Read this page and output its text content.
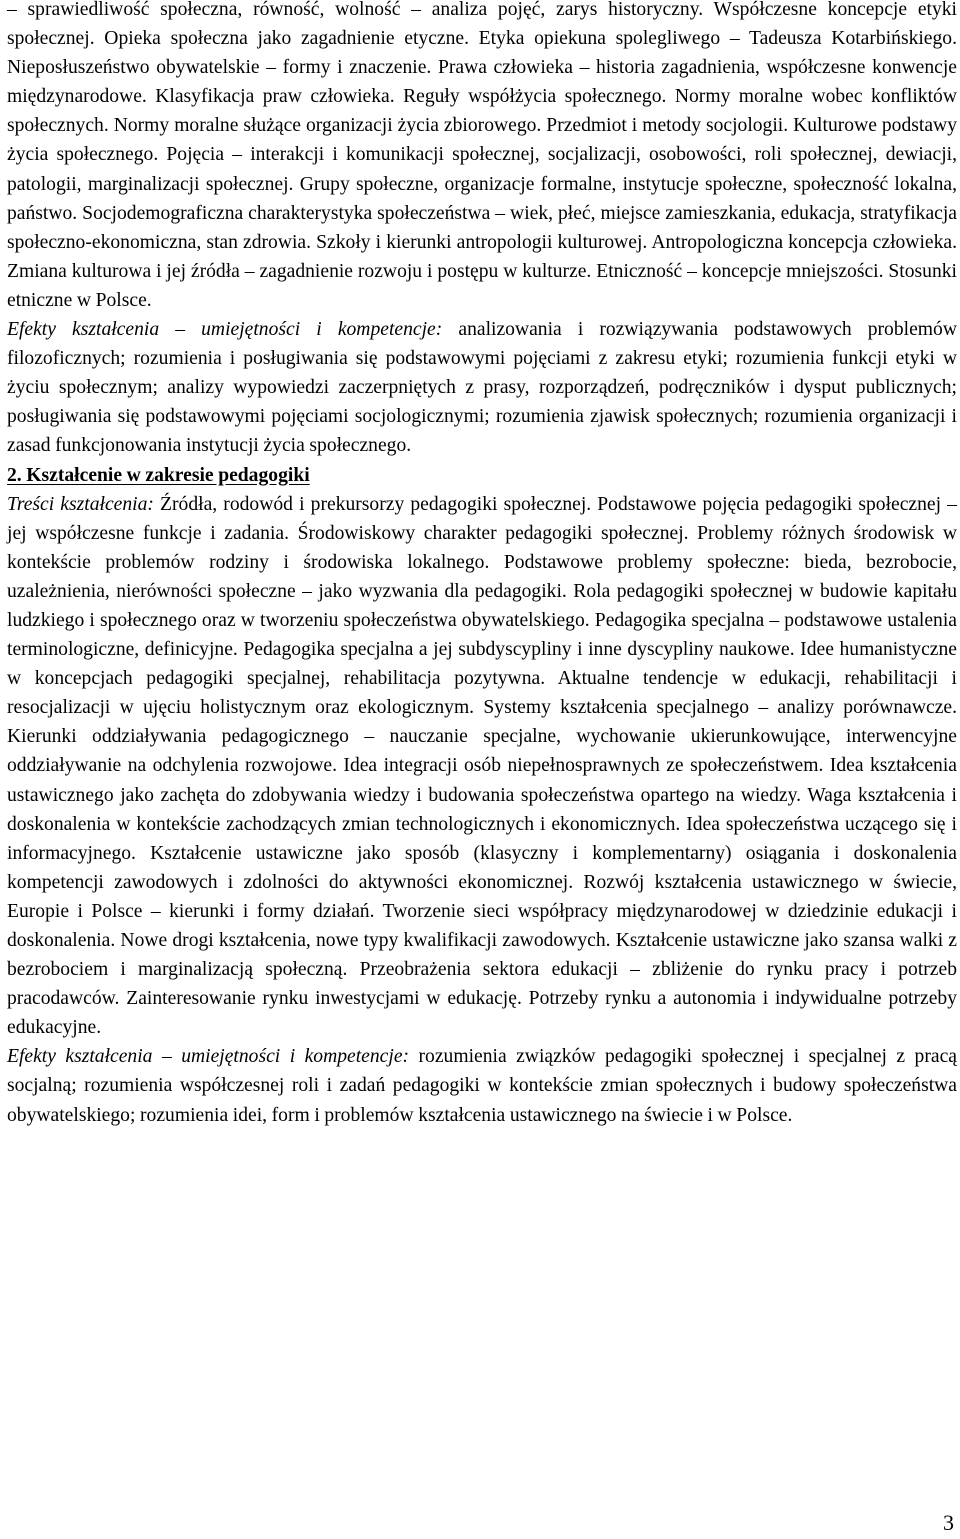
– sprawiedliwość społeczna, równość, wolność – analiza pojęć, zarys historyczny. Współczesne koncepcje etyki społecznej. Opieka społeczna jako zagadnienie etyczne. Etyka opiekuna spolegliwego – Tadeusza Kotarbińskiego. Nieposłuszeństwo obywatelskie – formy i znaczenie. Prawa człowieka – historia zagadnienia, współczesne konwencje międzynarodowe. Klasyfikacja praw człowieka. Reguły współżycia społecznego. Normy moralne wobec konfliktów społecznych. Normy moralne służące organizacji życia zbiorowego. Przedmiot i metody socjologii. Kulturowe podstawy życia społecznego. Pojęcia – interakcji i komunikacji społecznej, socjalizacji, osobowości, roli społecznej, dewiacji, patologii, marginalizacji społecznej. Grupy społeczne, organizacje formalne, instytucje społeczne, społeczność lokalna, państwo. Socjodemograficzna charakterystyka społeczeństwa – wiek, płeć, miejsce zamieszkania, edukacja, stratyfikacja społeczno-ekonomiczna, stan zdrowia. Szkoły i kierunki antropologii kulturowej. Antropologiczna koncepcja człowieka. Zmiana kulturowa i jej źródła – zagadnienie rozwoju i postępu w kulturze. Etniczność – koncepcje mniejszości. Stosunki etniczne w Polsce.

Efekty kształcenia – umiejętności i kompetencje: analizowania i rozwiązywania podstawowych problemów filozoficznych; rozumienia i posługiwania się podstawowymi pojęciami z zakresu etyki; rozumienia funkcji etyki w życiu społecznym; analizy wypowiedzi zaczerpniętych z prasy, rozporządzeń, podręczników i dysput publicznych; posługiwania się podstawowymi pojęciami socjologicznymi; rozumienia zjawisk społecznych; rozumienia organizacji i zasad funkcjonowania instytucji życia społecznego.

2. Kształcenie w zakresie pedagogiki

Treści kształcenia: Źródła, rodowód i prekursorzy pedagogiki społecznej. Podstawowe pojęcia pedagogiki społecznej – jej współczesne funkcje i zadania. Środowiskowy charakter pedagogiki społecznej. Problemy różnych środowisk w kontekście problemów rodziny i środowiska lokalnego. Podstawowe problemy społeczne: bieda, bezrobocie, uzależnienia, nierówności społeczne – jako wyzwania dla pedagogiki. Rola pedagogiki społecznej w budowie kapitału ludzkiego i społecznego oraz w tworzeniu społeczeństwa obywatelskiego. Pedagogika specjalna – podstawowe ustalenia terminologiczne, definicyjne. Pedagogika specjalna a jej subdyscypliny i inne dyscypliny naukowe. Idee humanistyczne w koncepcjach pedagogiki specjalnej, rehabilitacja pozytywna. Aktualne tendencje w edukacji, rehabilitacji i resocjalizacji w ujęciu holistycznym oraz ekologicznym. Systemy kształcenia specjalnego – analizy porównawcze. Kierunki oddziaływania pedagogicznego – nauczanie specjalne, wychowanie ukierunkowujące, interwencyjne oddziaływanie na odchylenia rozwojowe. Idea integracji osób niepełnosprawnych ze społeczeństwem. Idea kształcenia ustawicznego jako zachęta do zdobywania wiedzy i budowania społeczeństwa opartego na wiedzy. Waga kształcenia i doskonalenia w kontekście zachodzących zmian technologicznych i ekonomicznych. Idea społeczeństwa uczącego się i informacyjnego. Kształcenie ustawiczne jako sposób (klasyczny i komplementarny) osiągania i doskonalenia kompetencji zawodowych i zdolności do aktywności ekonomicznej. Rozwój kształcenia ustawicznego w świecie, Europie i Polsce – kierunki i formy działań. Tworzenie sieci współpracy międzynarodowej w dziedzinie edukacji i doskonalenia. Nowe drogi kształcenia, nowe typy kwalifikacji zawodowych. Kształcenie ustawiczne jako szansa walki z bezrobociem i marginalizacją społeczną. Przeobrażenia sektora edukacji – zbliżenie do rynku pracy i potrzeb pracodawców. Zainteresowanie rynku inwestycjami w edukację. Potrzeby rynku a autonomia i indywidualne potrzeby edukacyjne.

Efekty kształcenia – umiejętności i kompetencje: rozumienia związków pedagogiki społecznej i specjalnej z pracą socjalną; rozumienia współczesnej roli i zadań pedagogiki w kontekście zmian społecznych i budowy społeczeństwa obywatelskiego; rozumienia idei, form i problemów kształcenia ustawicznego na świecie i w Polsce.

3
